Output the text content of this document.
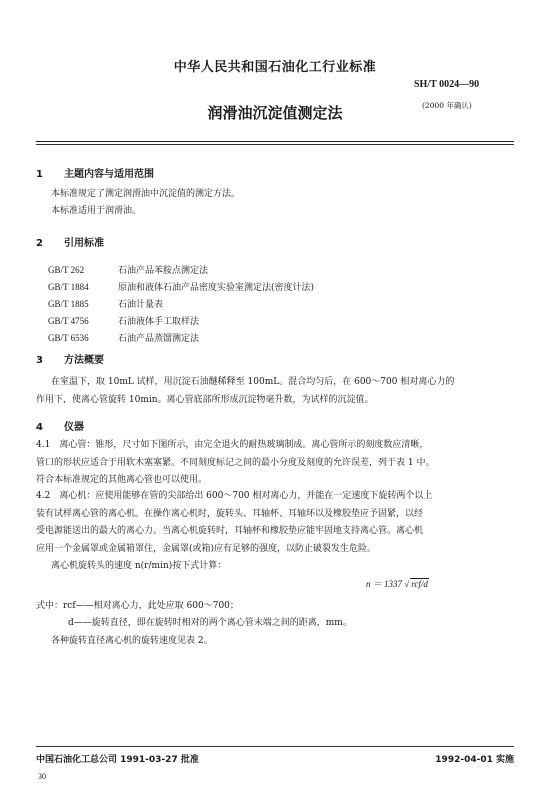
中华人民共和国石油化工行业标准
SH/T 0024—90
润滑油沉淀值测定法	(2000 年确认)
1 主题内容与适用范围
本标准规定了测定润滑油中沉淀值的测定方法。
本标准适用于润滑油。
2 引用标准
GB/T 262	石油产品苯胺点测定法
GB/T 1884	原油和液体石油产品密度实验室测定法(密度计法)
GB/T 1885	石油计量表
GB/T 4756	石油液体手工取样法
GB/T 6536	石油产品蒸馏测定法
3 方法概要
在室温下，取 10mL 试样，用沉淀石油醚稀释至 100mL。混合均匀后，在 600～700 相对离心力的
作用下，使离心管旋转 10min。离心管底部所形成沉淀物毫升数，为试样的沉淀值。
4 仪器
4.1　离心管：锥形，尺寸如下图所示，由完全退火的耐热玻璃制成。离心管所示的刻度数应清晰，
管口的形状应适合于用软木塞塞紧。不同刻度标记之间的最小分度及刻度的允许误差，列于表 1 中。
符合本标准规定的其他离心管也可以使用。
4.2　离心机：应使用能够在管的尖部给出 600～700 相对离心力，并能在一定速度下旋转两个以上
装有试样离心管的离心机。在操作离心机时，旋转头、耳轴杯、耳轴环以及橡胶垫应予固紧，以经
受电源能送出的最大的离心力。当离心机旋转时，耳轴杯和橡胶垫应能牢固地支持离心管。离心机
应用一个金属罩或金属箱罩住，金属罩(或箱)应有足够的强度，以防止破裂发生危险。
离心机旋转头的速度 n(r/min)按下式计算：
n ＝ 1337 √ rcf/d
式中：rcf——相对离心力，此处应取 600～700；
d——旋转直径，即在旋转时相对的两个离心管末端之间的距离，mm。
各种旋转直径离心机的旋转速度见表 2。
中国石油化工总公司 1991-03-27 批准	1992-04-01 实施
30
